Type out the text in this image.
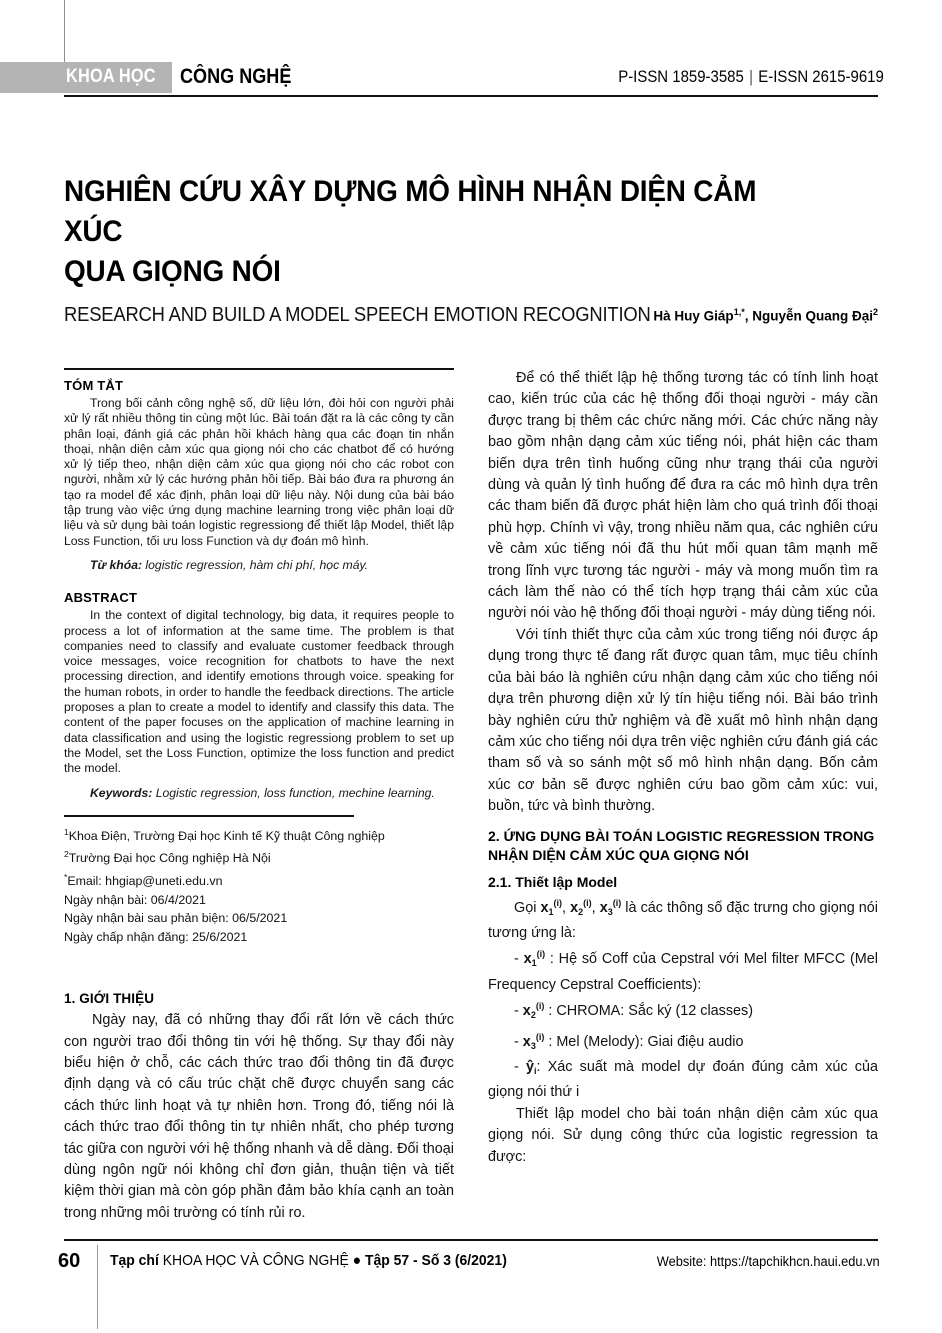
KHOA HỌC CÔNG NGHỆ	P-ISSN 1859-3585 | E-ISSN 2615-9619
NGHIÊN CỨU XÂY DỰNG MÔ HÌNH NHẬN DIỆN CẢM XÚC
QUA GIỌNG NÓI
RESEARCH AND BUILD A MODEL SPEECH EMOTION RECOGNITION Hà Huy Giáp$^{1,*}$, Nguyễn Quang Đại$^2$
TÓM TẮT

Trong bối cảnh công nghệ số, dữ liệu lớn, đòi hỏi con người phải xử lý rất nhiều thông tin cùng một lúc. Bài toán đặt ra là các công ty cần phân loại, đánh giá các phản hồi khách hàng qua các đoạn tin nhắn thoại, nhận diện cảm xúc qua giọng nói cho các chatbot để có hướng xử lý tiếp theo, nhận diện cảm xúc qua giọng nói cho các robot con người, nhằm xử lý các hướng phản hồi tiếp. Bài báo đưa ra phương án tạo ra model để xác định, phân loại dữ liệu này. Nội dung của bài báo tập trung vào việc ứng dụng machine learning trong việc phân loại dữ liệu và sử dụng bài toán logistic regressiong để thiết lập Model, thiết lập Loss Function, tối ưu loss Function và dự đoán mô hình.

Từ khóa: logistic regression, hàm chi phí, học máy.

ABSTRACT

In the context of digital technology, big data, it requires people to process a lot of information at the same time. The problem is that companies need to classify and evaluate customer feedback through voice messages, voice recognition for chatbots to have the next processing direction, and identify emotions through voice. speaking for the human robots, in order to handle the feedback directions. The article proposes a plan to create a model to identify and classify this data. The content of the paper focuses on the application of machine learning in data classification and using the logistic regressiong problem to set up the Model, set the Loss Function, optimize the loss function and predict the model.

Keywords: Logistic regression, loss function, mechine learning.

$^1$Khoa Điện, Trường Đại học Kinh tế Kỹ thuật Công nghiệp
$^2$Trường Đại học Công nghiệp Hà Nội
*Email: hhgiap@uneti.edu.vn
Ngày nhận bài: 06/4/2021
Ngày nhận bài sau phản biện: 06/5/2021
Ngày chấp nhận đăng: 25/6/2021
1. GIỚI THIỆU

Ngày nay, đã có những thay đổi rất lớn về cách thức con người trao đổi thông tin với hệ thống. Sự thay đổi này biểu hiện ở chỗ, các cách thức trao đổi thông tin đã được định dạng và có cấu trúc chặt chẽ được chuyển sang các cách thức linh hoạt và tự nhiên hơn. Trong đó, tiếng nói là cách thức trao đổi thông tin tự nhiên nhất, cho phép tương tác giữa con người với hệ thống nhanh và dễ dàng. Đối thoại dùng ngôn ngữ nói không chỉ đơn giản, thuận tiện và tiết kiệm thời gian mà còn góp phần đảm bảo khía cạnh an toàn trong những môi trường có tính rủi ro.

Để có thể thiết lập hệ thống tương tác có tính linh hoạt cao, kiến trúc của các hệ thống đối thoại người - máy cần được trang bị thêm các chức năng mới. Các chức năng này bao gồm nhận dạng cảm xúc tiếng nói, phát hiện các tham biến dựa trên tình huống cũng như trạng thái của người dùng và quản lý tình huống để đưa ra các mô hình dựa trên các tham biến đã được phát hiện làm cho quá trình đối thoại phù hợp. Chính vì vậy, trong nhiều năm qua, các nghiên cứu về cảm xúc tiếng nói đã thu hút mối quan tâm mạnh mẽ trong lĩnh vực tương tác người - máy và mong muốn tìm ra cách làm thế nào có thể tích hợp trạng thái cảm xúc của người nói vào hệ thống đối thoại người - máy dùng tiếng nói.

Với tính thiết thực của cảm xúc trong tiếng nói được áp dụng trong thực tế đang rất được quan tâm, mục tiêu chính của bài báo là nghiên cứu nhận dạng cảm xúc cho tiếng nói dựa trên phương diện xử lý tín hiệu tiếng nói. Bài báo trình bày nghiên cứu thử nghiệm và đề xuất mô hình nhận dạng cảm xúc cho tiếng nói dựa trên việc nghiên cứu đánh giá các tham số và so sánh một số mô hình nhận dạng. Bốn cảm xúc cơ bản sẽ được nghiên cứu bao gồm cảm xúc: vui, buồn, tức và bình thường.

2. ỨNG DỤNG BÀI TOÁN LOGISTIC REGRESSION TRONG NHẬN DIỆN CẢM XÚC QUA GIỌNG NÓI
2.1. Thiết lập Model

Gọi $x_1^{(i)}$, $x_2^{(i)}$, $x_3^{(i)}$ là các thông số đặc trưng cho giọng nói tương ứng là:

- $x_1^{(i)}$ : Hệ số Coff của Cepstral với Mel filter MFCC (Mel Frequency Cepstral Coefficients):

- $x_2^{(i)}$ : CHROMA: Sắc ký (12 classes)

- $x_3^{(i)}$ : Mel (Melody): Giai điệu audio

- $ŷ_i$: Xác suất mà model dự đoán đúng cảm xúc của giọng nói thứ i

Thiết lập model cho bài toán nhận diện cảm xúc qua giọng nói. Sử dụng công thức của logistic regression ta được:

60 Tạp chí KHOA HỌC VÀ CÔNG NGHỆ ● Tập 57 - Số 3 (6/2021)	Website: https://tapchikhcn.haui.edu.vn
